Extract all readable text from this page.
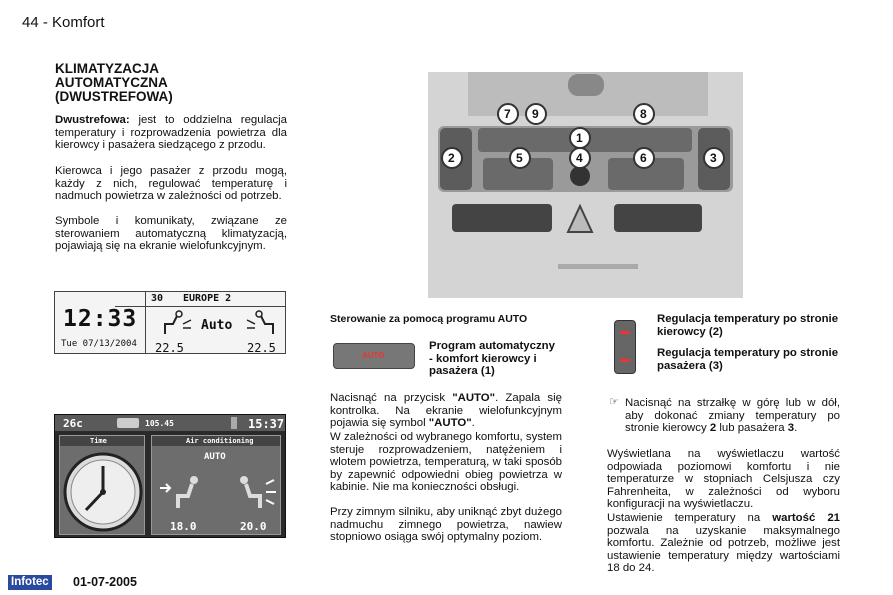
44 - Komfort
KLIMATYZACJA
AUTOMATYCZNA
(DWUSTREFOWA)
Dwustrefowa: jest to oddzielna regulacja temperatury i rozprowadzenia powietrza dla kierowcy i pasażera siedzącego z przodu.
Kierowca i jego pasażer z przodu mogą, każdy z nich, regulować temperaturę i nadmuch powietrza w zależności od potrzeb.
Symbole i komunikaty, związane ze sterowaniem automatyczną klimatyzacją, pojawiają się na ekranie wielofunkcyjnym.
30 EUROPE 2
12:33
Tue 07/13/2004
Auto
22.5	22.5
26c	105.45	15:37
Time	Air conditioning
AUTO
18.0	20.0
7 9
1
8
2	5	4	6	3
Sterowanie za pomocą programu AUTO
AUTO
Program automatyczny - komfort kierowcy i pasażera (1)
Nacisnąć na przycisk "AUTO". Zapala się kontrolka. Na ekranie wielofunkcyjnym pojawia się symbol "AUTO".
W zależności od wybranego komfortu, system steruje rozprowadzeniem, natężeniem i wlotem powietrza, temperaturą, w taki sposób by zapewnić odpowiedni obieg powietrza w kabinie. Nie ma konieczności obsługi.
Przy zimnym silniku, aby uniknąć zbyt dużego nadmuchu zimnego powietrza, nawiew stopniowo osiąga swój optymalny poziom.
Regulacja temperatury po stronie kierowcy (2)
Regulacja temperatury po stronie pasażera (3)
☞ Nacisnąć na strzałkę w górę lub w dół, aby dokonać zmiany temperatury po stronie kierowcy 2 lub pasażera 3.
Wyświetlana na wyświetlaczu wartość odpowiada poziomowi komfortu i nie temperaturze w stopniach Celsjusza czy Fahrenheita, w zależności od wyboru konfiguracji na wyświetlaczu.
Ustawienie temperatury na wartość 21 pozwala na uzyskanie maksymalnego komfortu. Zależnie od potrzeb, możliwe jest ustawienie temperatury między wartościami 18 do 24.
Infotec 01-07-2005
